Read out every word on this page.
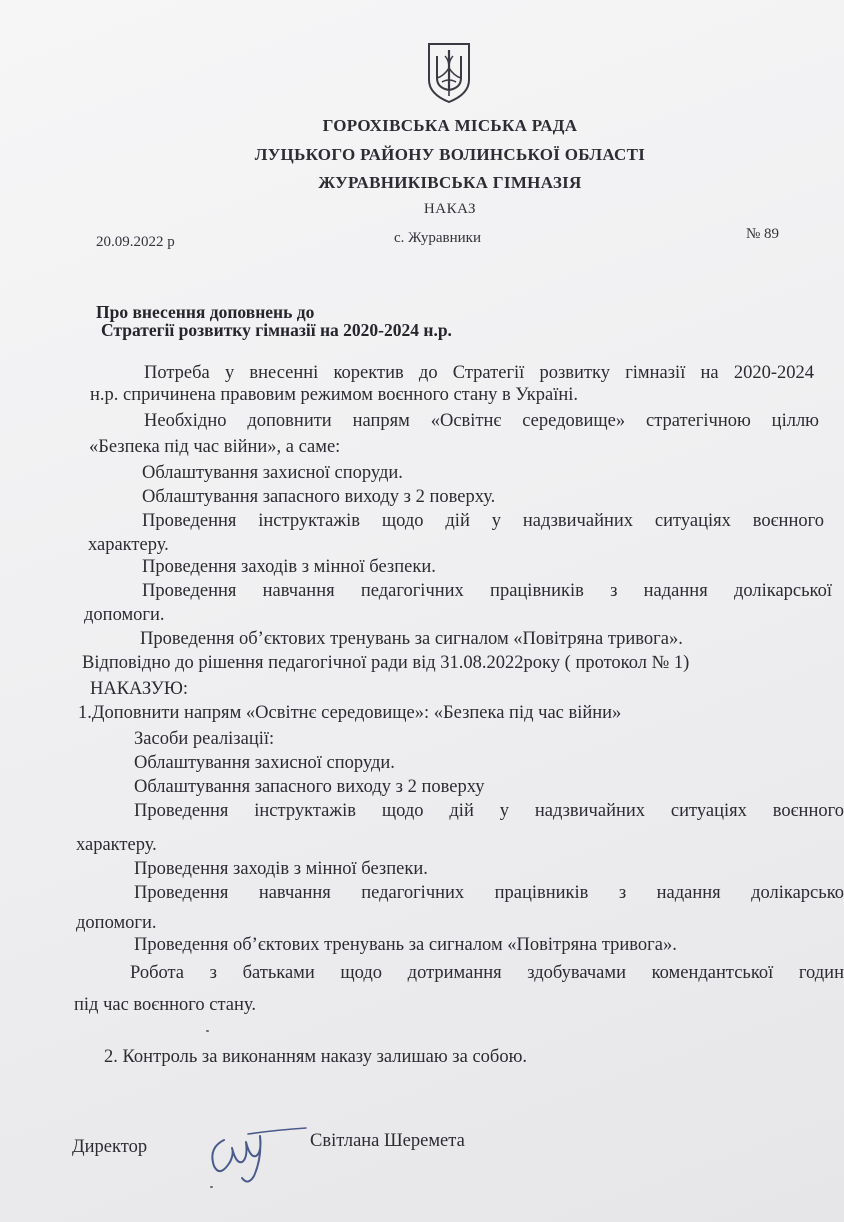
ГОРОХІВСЬКА МІСЬКА РАДА
ЛУЦЬКОГО РАЙОНУ ВОЛИНСЬКОЇ ОБЛАСТІ
ЖУРАВНИКІВСЬКА ГІМНАЗІЯ
НАКАЗ
20.09.2022 р	с. Журавники	№ 89
Про внесення доповнень до
Стратегії розвитку гімназії на 2020-2024 н.р.
Потреба у внесенні коректив до Стратегії розвитку гімназії на 2020-2024
н.р. спричинена правовим режимом воєнного стану в Україні.
Необхідно доповнити напрям «Освітнє середовище» стратегічною ціллю
«Безпека під час війни», а саме:
Облаштування захисної споруди.
Облаштування запасного виходу з 2 поверху.
Проведення інструктажів щодо дій у надзвичайних ситуаціях воєнного
характеру.
Проведення заходів з мінної безпеки.
Проведення навчання педагогічних працівників з надання долікарської
допомоги.
Проведення об’єктових тренувань за сигналом «Повітряна тривога».
Відповідно до рішення педагогічної ради від 31.08.2022року ( протокол № 1)
НАКАЗУЮ:
1.Доповнити напрям «Освітнє середовище»: «Безпека під час війни»
Засоби реалізації:
Облаштування захисної споруди.
Облаштування запасного виходу з 2 поверху
Проведення інструктажів щодо дій у надзвичайних ситуаціях воєнного
характеру.
Проведення заходів з мінної безпеки.
Проведення навчання педагогічних працівників з надання долікарсько
допомоги.
Проведення об’єктових тренувань за сигналом «Повітряна тривога».
Робота з батьками щодо дотримання здобувачами комендантської годин
під час воєнного стану.
2. Контроль за виконанням наказу залишаю за собою.
Директор	Світлана Шеремета
